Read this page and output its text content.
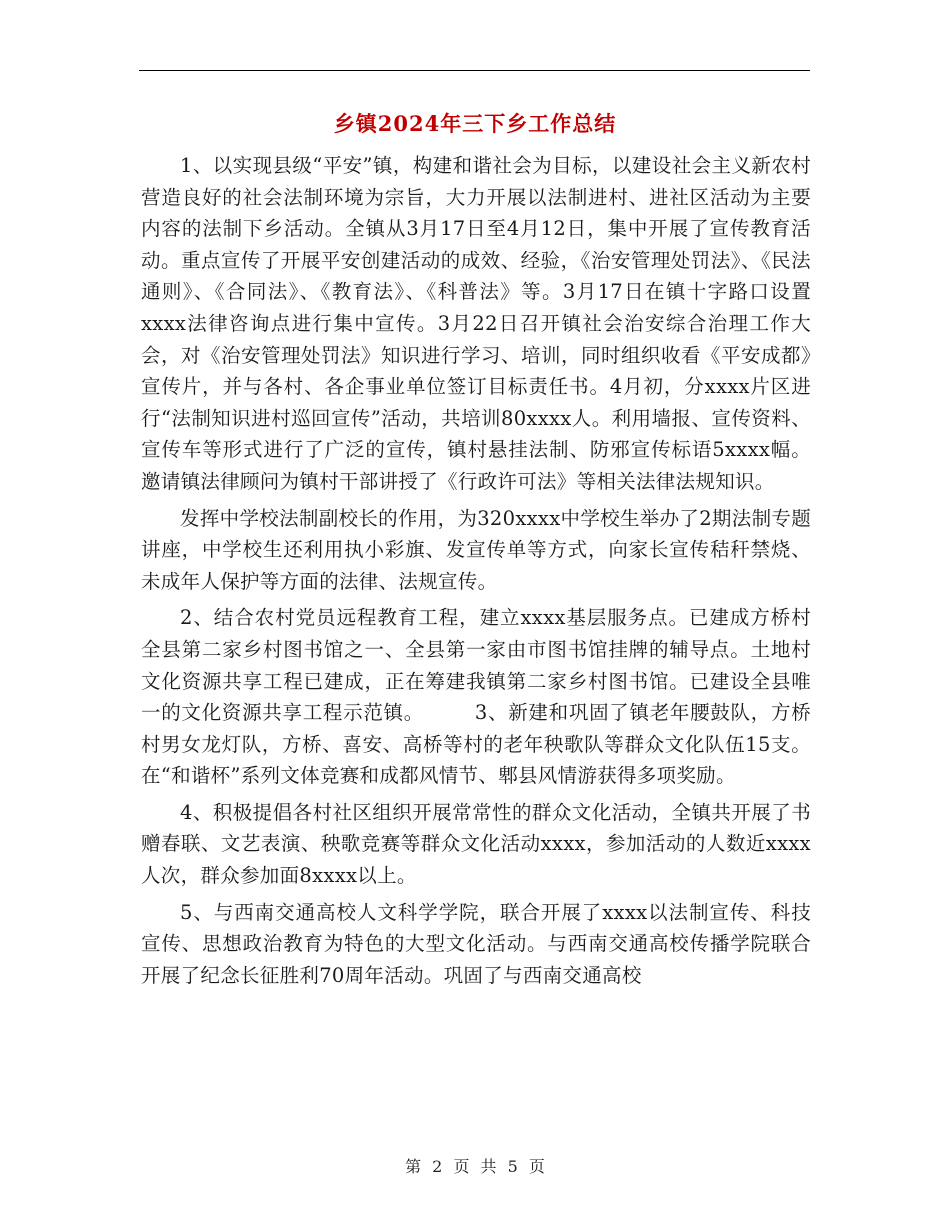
乡镇2024年三下乡工作总结

1、以实现县级“平安”镇，构建和谐社会为目标，以建设社会主义新农村营造良好的社会法制环境为宗旨，大力开展以法制进村、进社区活动为主要内容的法制下乡活动。全镇从3月17日至4月12日，集中开展了宣传教育活动。重点宣传了开展平安创建活动的成效、经验，《治安管理处罚法》、《民法通则》、《合同法》、《教育法》、《科普法》等。3月17日在镇十字路口设置xxxx法律咨询点进行集中宣传。3月22日召开镇社会治安综合治理工作大会，对《治安管理处罚法》知识进行学习、培训，同时组织收看《平安成都》宣传片，并与各村、各企事业单位签订目标责任书。4月初，分xxxx片区进行“法制知识进村巡回宣传”活动，共培训80xxxx人。利用墙报、宣传资料、宣传车等形式进行了广泛的宣传，镇村悬挂法制、防邪宣传标语5xxxx幅。邀请镇法律顾问为镇村干部讲授了《行政许可法》等相关法律法规知识。

发挥中学校法制副校长的作用，为320xxxx中学校生举办了2期法制专题讲座，中学校生还利用执小彩旗、发宣传单等方式，向家长宣传秸秆禁烧、未成年人保护等方面的法律、法规宣传。

2、结合农村党员远程教育工程，建立xxxx基层服务点。已建成方桥村全县第二家乡村图书馆之一、全县第一家由市图书馆挂牌的辅导点。土地村文化资源共享工程已建成，正在筹建我镇第二家乡村图书馆。已建设全县唯一的文化资源共享工程示范镇。　　　3、新建和巩固了镇老年腰鼓队，方桥村男女龙灯队，方桥、喜安、高桥等村的老年秧歌队等群众文化队伍15支。在“和谐杯”系列文体竞赛和成都风情节、郫县风情游获得多项奖励。

4、积极提倡各村社区组织开展常常性的群众文化活动，全镇共开展了书赠春联、文艺表演、秧歌竞赛等群众文化活动xxxx，参加活动的人数近xxxx人次，群众参加面8xxxx以上。

5、与西南交通高校人文科学学院，联合开展了xxxx以法制宣传、科技宣传、思想政治教育为特色的大型文化活动。与西南交通高校传播学院联合开展了纪念长征胜利70周年活动。巩固了与西南交通高校

第 2 页 共 5 页
